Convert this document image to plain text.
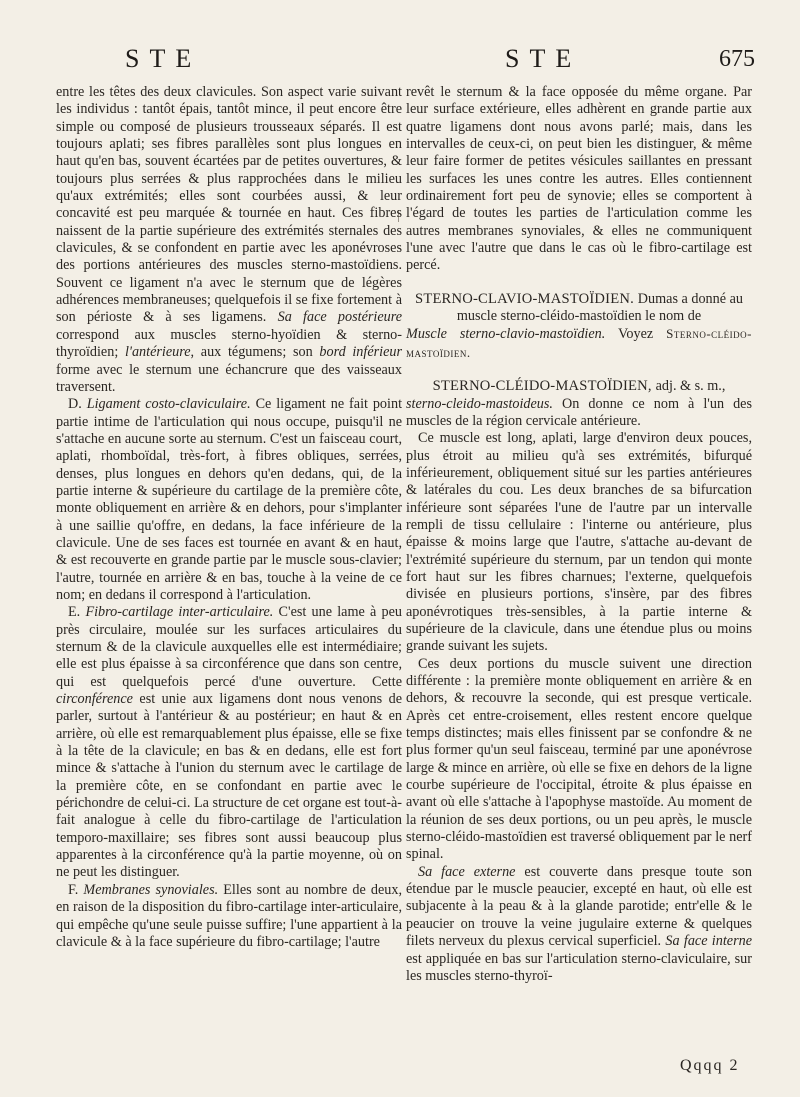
STE	STE	675

entre les têtes des deux clavicules. Son aspect varie suivant les individus : tantôt épais, tantôt mince, il peut encore être simple ou composé de plusieurs trousseaux séparés. Il est toujours aplati; ses fibres parallèles sont plus longues en haut qu'en bas, souvent écartées par de petites ouvertures, & toujours plus serrées & plus rapprochées dans le milieu qu'aux extrémités; elles sont courbées aussi, & leur concavité est peu marquée & tournée en haut. Ces fibres naissent de la partie supérieure des extrémités sternales des clavicules, & se confondent en partie avec les aponévroses des portions antérieures des muscles sterno-mastoïdiens. Souvent ce ligament n'a avec le sternum que de légères adhérences membraneuses; quelquefois il se fixe fortement à son périoste & à ses ligamens. Sa face postérieure correspond aux muscles sterno-hyoïdien & sterno-thyroïdien; l'antérieure, aux tégumens; son bord inférieur forme avec le sternum une échancrure que des vaisseaux traversent.

D. Ligament costo-claviculaire. Ce ligament ne fait point partie intime de l'articulation qui nous occupe, puisqu'il ne s'attache en aucune sorte au sternum. C'est un faisceau court, aplati, rhomboïdal, très-fort, à fibres obliques, serrées, denses, plus longues en dehors qu'en dedans, qui, de la partie interne & supérieure du cartilage de la première côte, monte obliquement en arrière & en dehors, pour s'implanter à une saillie qu'offre, en dedans, la face inférieure de la clavicule. Une de ses faces est tournée en avant & en haut, & est recouverte en grande partie par le muscle sous-clavier; l'autre, tournée en arrière & en bas, touche à la veine de ce nom; en dedans il correspond à l'articulation.

E. Fibro-cartilage inter-articulaire. C'est une lame à peu près circulaire, moulée sur les surfaces articulaires du sternum & de la clavicule auxquelles elle est intermédiaire; elle est plus épaisse à sa circonférence que dans son centre, qui est quelquefois percé d'une ouverture. Cette circonférence est unie aux ligamens dont nous venons de parler, surtout à l'antérieur & au postérieur; en haut & en arrière, où elle est remarquablement plus épaisse, elle se fixe à la tête de la clavicule; en bas & en dedans, elle est fort mince & s'attache à l'union du sternum avec le cartilage de la première côte, en se confondant en partie avec le périchondre de celui-ci. La structure de cet organe est tout-à-fait analogue à celle du fibro-cartilage de l'articulation temporo-maxillaire; ses fibres sont aussi beaucoup plus apparentes à la circonférence qu'à la partie moyenne, où on ne peut les distinguer.

F. Membranes synoviales. Elles sont au nombre de deux, en raison de la disposition du fibro-cartilage inter-articulaire, qui empêche qu'une seule puisse suffire; l'une appartient à la clavicule & à la face supérieure du fibro-cartilage; l'autre

revêt le sternum & la face opposée du même organe. Par leur surface extérieure, elles adhèrent en grande partie aux quatre ligamens dont nous avons parlé; mais, dans les intervalles de ceux-ci, on peut bien les distinguer, & même leur faire former de petites vésicules saillantes en pressant les surfaces les unes contre les autres. Elles contiennent ordinairement fort peu de synovie; elles se comportent à l'égard de toutes les parties de l'articulation comme les autres membranes synoviales, & elles ne communiquent l'une avec l'autre que dans le cas où le fibro-cartilage est percé.

STERNO-CLAVIO-MASTOÏDIEN. Dumas a donné au muscle sterno-cléido-mastoïdien le nom de

Muscle sterno-clavio-mastoïdien. Voyez Sterno-cléido-mastoïdien.

STERNO-CLÉIDO-MASTOÏDIEN, adj. & s. m.,

sterno-cleido-mastoideus. On donne ce nom à l'un des muscles de la région cervicale antérieure.

Ce muscle est long, aplati, large d'environ deux pouces, plus étroit au milieu qu'à ses extrémités, bifurqué inférieurement, obliquement situé sur les parties antérieures & latérales du cou. Les deux branches de sa bifurcation inférieure sont séparées l'une de l'autre par un intervalle rempli de tissu cellulaire : l'interne ou antérieure, plus épaisse & moins large que l'autre, s'attache au-devant de l'extrémité supérieure du sternum, par un tendon qui monte fort haut sur les fibres charnues; l'externe, quelquefois divisée en plusieurs portions, s'insère, par des fibres aponévrotiques très-sensibles, à la partie interne & supérieure de la clavicule, dans une étendue plus ou moins grande suivant les sujets.

Ces deux portions du muscle suivent une direction différente : la première monte obliquement en arrière & en dehors, & recouvre la seconde, qui est presque verticale. Après cet entre-croisement, elles restent encore quelque temps distinctes; mais elles finissent par se confondre & ne plus former qu'un seul faisceau, terminé par une aponévrose large & mince en arrière, où elle se fixe en dehors de la ligne courbe supérieure de l'occipital, étroite & plus épaisse en avant où elle s'attache à l'apophyse mastoïde. Au moment de la réunion de ses deux portions, ou un peu après, le muscle sterno-cléido-mastoïdien est traversé obliquement par le nerf spinal.

Sa face externe est couverte dans presque toute son étendue par le muscle peaucier, excepté en haut, où elle est subjacente à la peau & à la glande parotide; entr'elle & le peaucier on trouve la veine jugulaire externe & quelques filets nerveux du plexus cervical superficiel. Sa face interne est appliquée en bas sur l'articulation sterno-claviculaire, sur les muscles sterno-thyroï-

Qqqq 2
